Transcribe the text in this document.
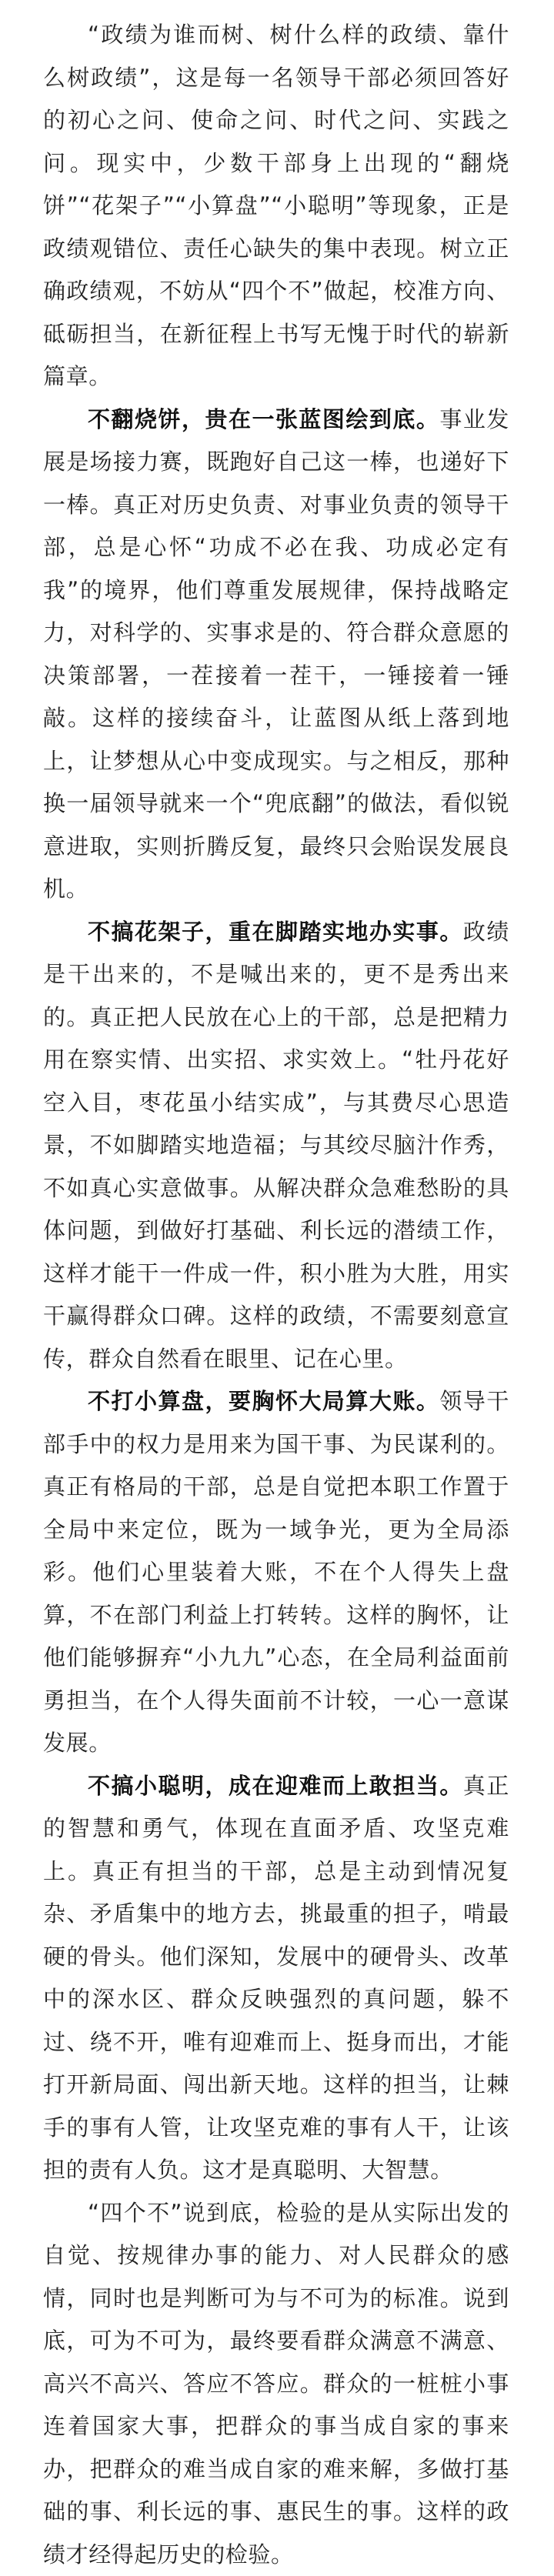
“政绩为谁而树、树什么样的政绩、靠什么树政绩”，这是每一名领导干部必须回答好的初心之问、使命之问、时代之问、实践之问。现实中，少数干部身上出现的“翻烧饼”“花架子”“小算盘”“小聪明”等现象，正是政绩观错位、责任心缺失的集中表现。树立正确政绩观，不妨从“四个不”做起，校准方向、砥砺担当，在新征程上书写无愧于时代的崭新篇章。

不翻烧饼，贵在一张蓝图绘到底。事业发展是场接力赛，既跑好自己这一棒，也递好下一棒。真正对历史负责、对事业负责的领导干部，总是心怀“功成不必在我、功成必定有我”的境界，他们尊重发展规律，保持战略定力，对科学的、实事求是的、符合群众意愿的决策部署，一茬接着一茬干，一锤接着一锤敲。这样的接续奋斗，让蓝图从纸上落到地上，让梦想从心中变成现实。与之相反，那种换一届领导就来一个“兜底翻”的做法，看似锐意进取，实则折腾反复，最终只会贻误发展良机。

不搞花架子，重在脚踏实地办实事。政绩是干出来的，不是喊出来的，更不是秀出来的。真正把人民放在心上的干部，总是把精力用在察实情、出实招、求实效上。“牡丹花好空入目，枣花虽小结实成”，与其费尽心思造景，不如脚踏实地造福；与其绞尽脑汁作秀，不如真心实意做事。从解决群众急难愁盼的具体问题，到做好打基础、利长远的潜绩工作，这样才能干一件成一件，积小胜为大胜，用实干赢得群众口碑。这样的政绩，不需要刻意宣传，群众自然看在眼里、记在心里。

不打小算盘，要胸怀大局算大账。领导干部手中的权力是用来为国干事、为民谋利的。真正有格局的干部，总是自觉把本职工作置于全局中来定位，既为一域争光，更为全局添彩。他们心里装着大账，不在个人得失上盘算，不在部门利益上打转转。这样的胸怀，让他们能够摒弃“小九九”心态，在全局利益面前勇担当，在个人得失面前不计较，一心一意谋发展。

不搞小聪明，成在迎难而上敢担当。真正的智慧和勇气，体现在直面矛盾、攻坚克难上。真正有担当的干部，总是主动到情况复杂、矛盾集中的地方去，挑最重的担子，啃最硬的骨头。他们深知，发展中的硬骨头、改革中的深水区、群众反映强烈的真问题，躲不过、绕不开，唯有迎难而上、挺身而出，才能打开新局面、闯出新天地。这样的担当，让棘手的事有人管，让攻坚克难的事有人干，让该担的责有人负。这才是真聪明、大智慧。

“四个不”说到底，检验的是从实际出发的自觉、按规律办事的能力、对人民群众的感情，同时也是判断可为与不可为的标准。说到底，可为不可为，最终要看群众满意不满意、高兴不高兴、答应不答应。群众的一桩桩小事连着国家大事，把群众的事当成自家的事来办，把群众的难当成自家的难来解，多做打基础的事、利长远的事、惠民生的事。这样的政绩才经得起历史的检验。
